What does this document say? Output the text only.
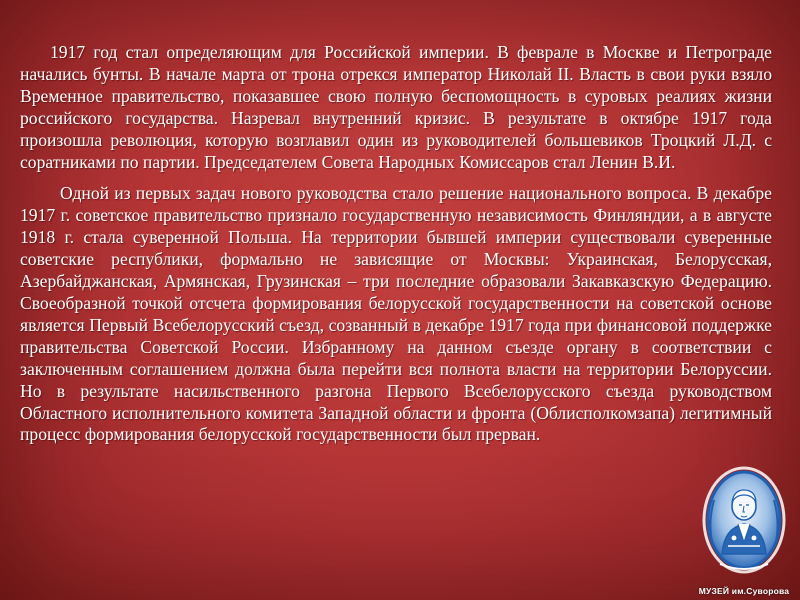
1917 год стал определяющим для Российской империи. В феврале в Москве и Петрограде начались бунты. В начале марта от трона отрекся император Николай II. Власть в свои руки взяло Временное правительство, показавшее свою полную беспомощность в суровых реалиях жизни российского государства. Назревал внутренний кризис. В результате в октябре 1917 года произошла революция, которую возглавил один из руководителей большевиков Троцкий Л.Д. с соратниками по партии. Председателем Совета Народных Комиссаров стал Ленин В.И.

Одной из первых задач нового руководства стало решение национального вопроса. В декабре 1917 г. советское правительство признало государственную независимость Финляндии, а в августе 1918 г. стала суверенной Польша. На территории бывшей империи существовали суверенные советские республики, формально не зависящие от Москвы: Украинская, Белорусская, Азербайджанская, Армянская, Грузинская – три последние образовали Закавказскую Федерацию. Своеобразной точкой отсчета формирования белорусской государственности на советской основе является Первый Всебелорусский съезд, созванный в декабре 1917 года при финансовой поддержке правительства Советской России. Избранному на данном съезде органу в соответствии с заключенным соглашением должна была перейти вся полнота власти на территории Белоруссии. Но в результате насильственного разгона Первого Всебелорусского съезда руководством Областного исполнительного комитета Западной области и фронта (Облисполкомзапа) легитимный процесс формирования белорусской государственности был прерван.

МУЗЕЙ им.Суворова
